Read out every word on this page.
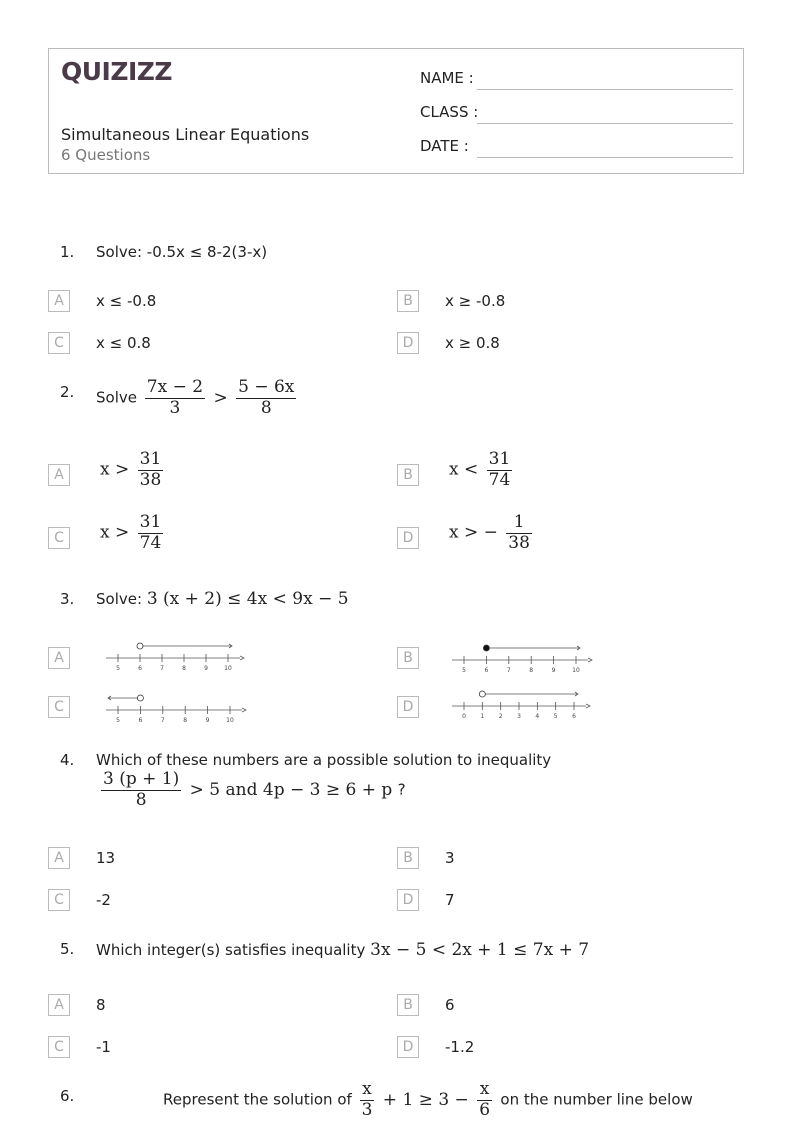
QUIZIZZ
Simultaneous Linear Equations
6 Questions
NAME :
CLASS :
DATE :
1. Solve: -0.5x ≤ 8-2(3-x)
A	x ≤ -0.8	B	x ≥ -0.8
C	x ≤ 0.8	D	x ≥ 0.8
2. Solve $\frac{7x - 2}{3} > \frac{5 - 6x}{8}$
A	$x > \frac{31}{38}$	B	$x < \frac{31}{74}$
C	$x > \frac{31}{74}$	D	x > − $\frac{1}{38}$
3. Solve: 3 (x + 2) ≤ 4x < 9x − 5
A
5	6	7	8	9	10
B
5	6	7	8	9	10
C
5	6	7	8	9	10
D
0 1 2 3 4 5 6
4. Which of these numbers are a possible solution to inequality
$\frac{3 (p + 1)}{8} > 5$ and 4p − 3 ≥ 6 + p ?
A	13	B	3
C	-2	D	7
5. Which integer(s) satisfies inequality 3x − 5 < 2x + 1 ≤ 7x + 7
A	8	B	6
C	-1	D	-1.2
6.	Represent the solution of $\frac{x}{3} + 1 \ge 3 - \frac{x}{6}$ on the number line below
